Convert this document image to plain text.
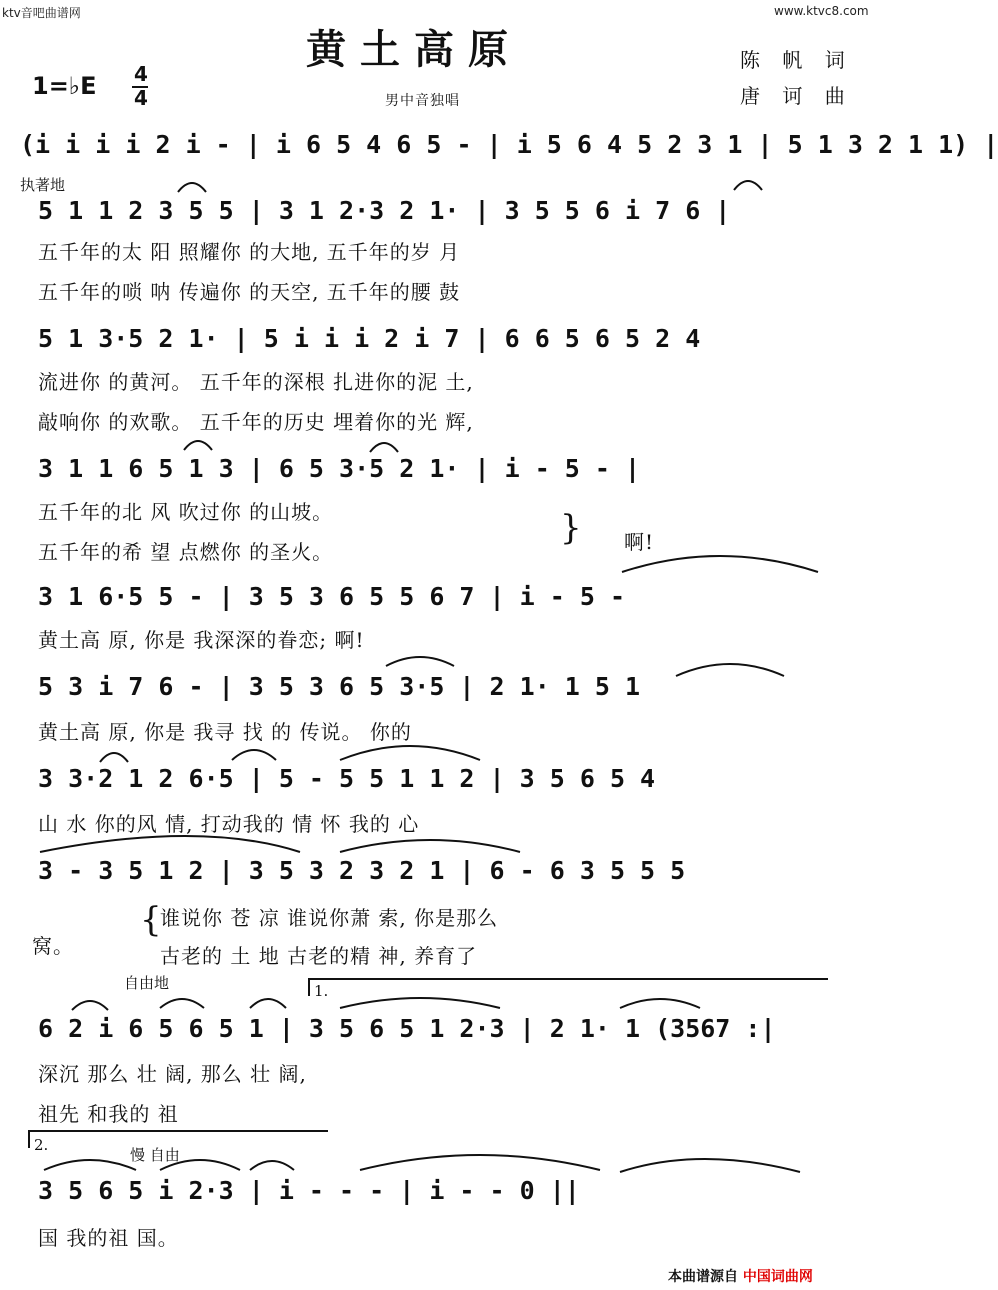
ktv音吧曲谱网	www.ktvc8.com
黄土高原	陈 帆 词
唐 诃 曲
1=♭E 4
4	男中音独唱
执著地
自由地
慢 自由
1.
2.
(i i i i 2 i - | i 6 5 4 6 5 - | i 5 6 4 5 2 3 1 | 5 1 3 2 1 1) |
5 1 1 2 3 5 5 | 3 1 2·3 2 1· | 3 5 5 6 i 7 6 |
五千年的太 阳 照耀你 的大地, 五千年的岁 月
五千年的唢 呐 传遍你 的天空, 五千年的腰 鼓
5 1 3·5 2 1· | 5 i i i 2 i 7 | 6 6 5 6 5 2 4
流进你 的黄河。 五千年的深根 扎进你的泥 土,
敲响你 的欢歌。 五千年的历史 埋着你的光 辉,
3 1 1 6 5 1 3 | 6 5 3·5 2 1· | i - 5 - |
五千年的北 风 吹过你 的山坡。
五千年的希 望 点燃你 的圣火。
} 啊!
3 1 6·5 5 - | 3 5 3 6 5 5 6 7 | i - 5 -
黄土高 原, 你是 我深深的眷恋; 啊!
5 3 i 7 6 - | 3 5 3 6 5 3·5 | 2 1· 1 5 1
黄土高 原, 你是 我寻 找 的 传说。 你的
3 3·2 1 2 6·5 | 5 - 5 5 1 1 2 | 3 5 6 5 4
山 水 你的风 情, 打动我的 情 怀 我的 心
3 - 3 5 1 2 | 3 5 3 2 3 2 1 | 6 - 6 3 5 5 5
{
谁说你 苍 凉 谁说你萧 索, 你是那么
古老的 土 地 古老的精 神, 养育了
窝。
6 2 i 6 5 6 5 1 | 3 5 6 5 1 2·3 | 2 1· 1 (3567 :|
深沉 那么 壮 阔, 那么 壮 阔,
祖先 和我的 祖
3 5 6 5 i 2·3 | i - - - | i - - 0 ||
国 我的祖 国。
本曲谱源自 中国词曲网
